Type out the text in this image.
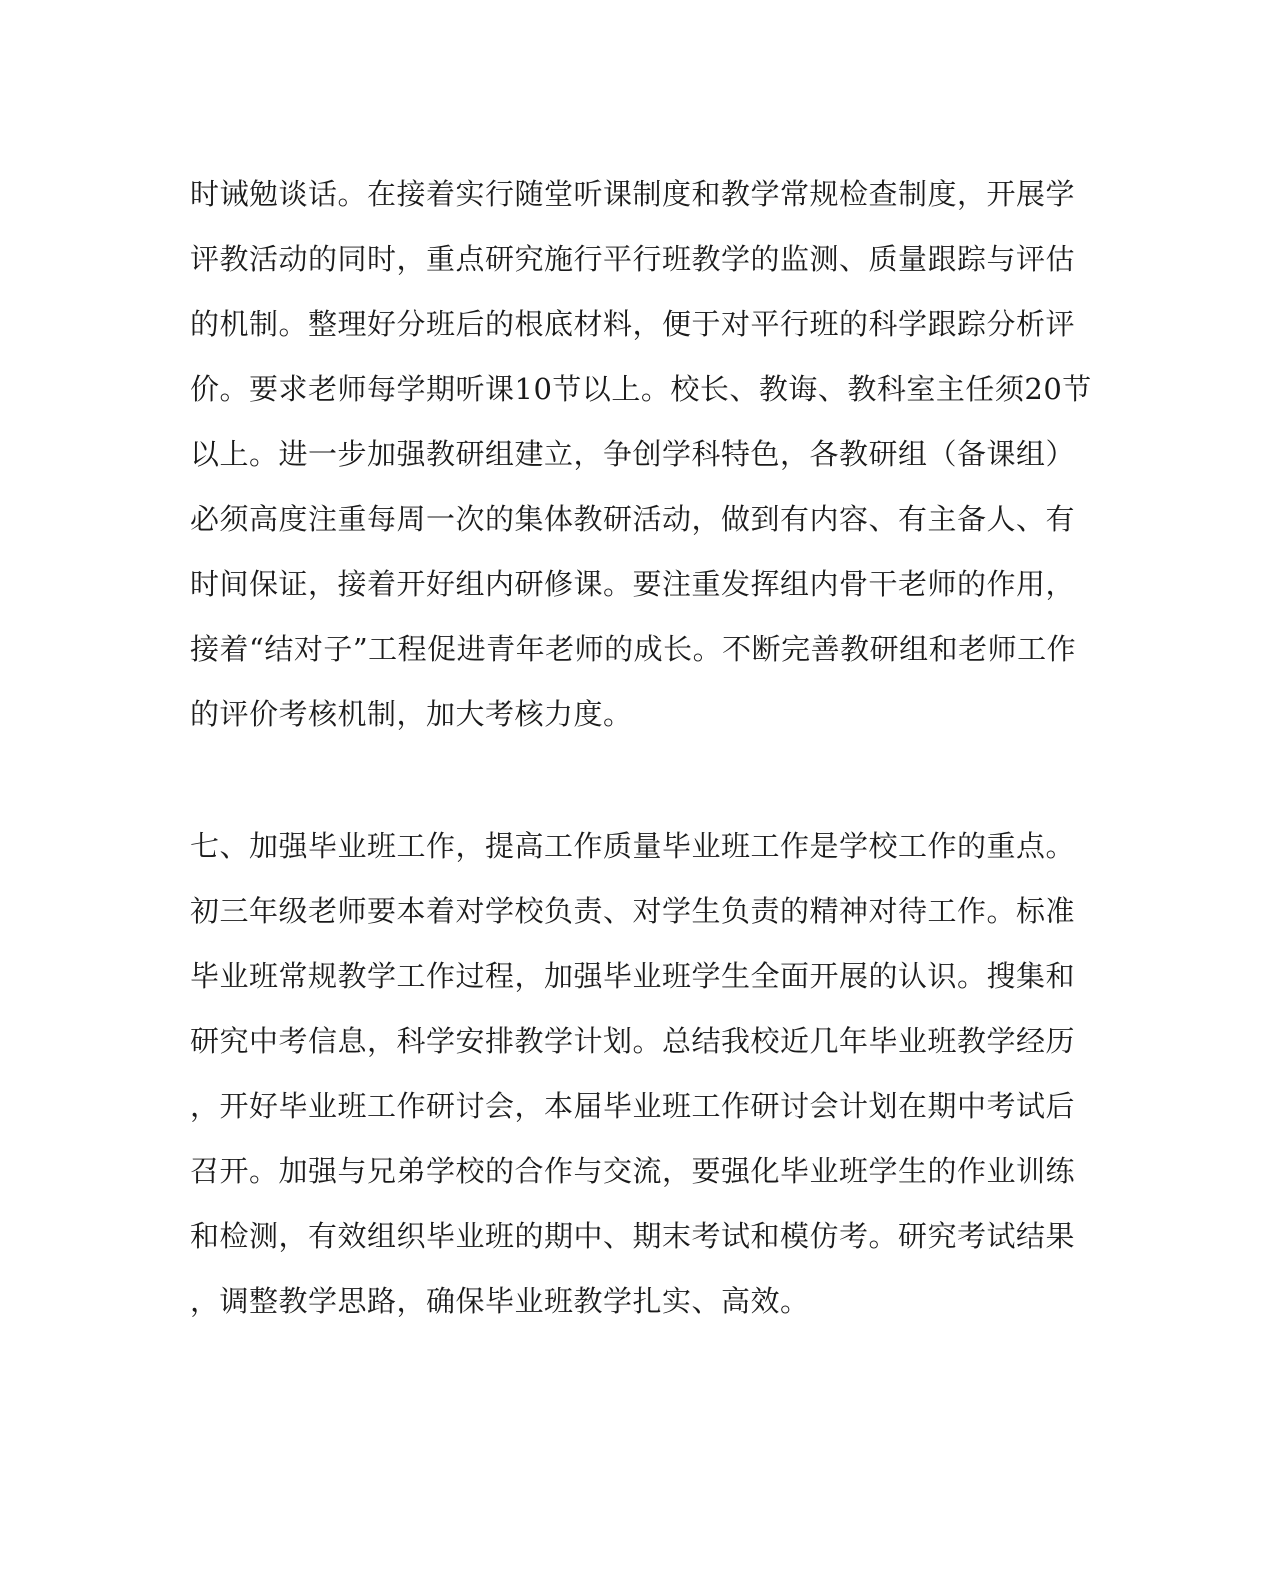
时诫勉谈话。在接着实行随堂听课制度和教学常规检查制度，开展学
评教活动的同时，重点研究施行平行班教学的监测、质量跟踪与评估
的机制。整理好分班后的根底材料，便于对平行班的科学跟踪分析评
价。要求老师每学期听课10节以上。校长、教诲、教科室主任须20节
以上。进一步加强教研组建立，争创学科特色，各教研组（备课组）
必须高度注重每周一次的集体教研活动，做到有内容、有主备人、有
时间保证，接着开好组内研修课。要注重发挥组内骨干老师的作用，
接着“结对子”工程促进青年老师的成长。不断完善教研组和老师工作
的评价考核机制，加大考核力度。
七、加强毕业班工作，提高工作质量毕业班工作是学校工作的重点。
初三年级老师要本着对学校负责、对学生负责的精神对待工作。标准
毕业班常规教学工作过程，加强毕业班学生全面开展的认识。搜集和
研究中考信息，科学安排教学计划。总结我校近几年毕业班教学经历
，开好毕业班工作研讨会，本届毕业班工作研讨会计划在期中考试后
召开。加强与兄弟学校的合作与交流，要强化毕业班学生的作业训练
和检测，有效组织毕业班的期中、期末考试和模仿考。研究考试结果
，调整教学思路，确保毕业班教学扎实、高效。
